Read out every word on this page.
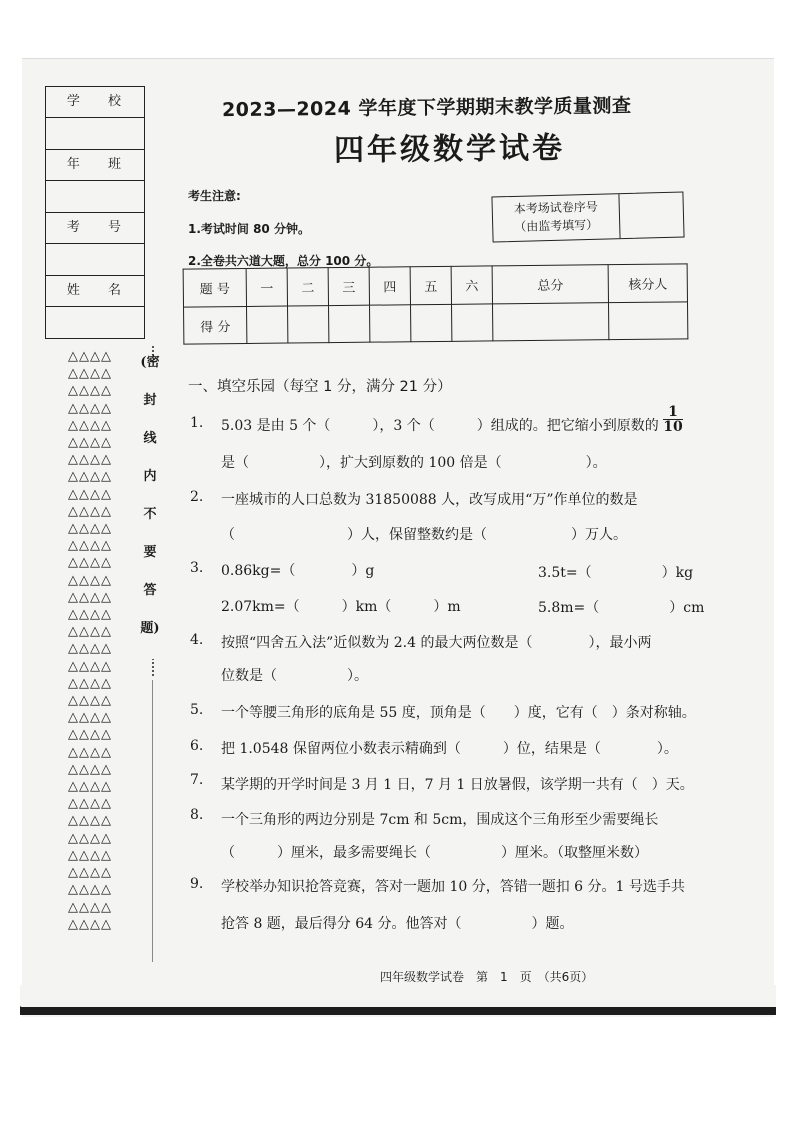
学 校
年 班
考 号
姓 名
△△△△
△△△△
△△△△
△△△△
△△△△
△△△△
△△△△
△△△△
△△△△
△△△△
△△△△
△△△△
△△△△
△△△△
△△△△
△△△△
△△△△
△△△△
△△△△
△△△△
△△△△
△△△△
△△△△
△△△△
△△△△
△△△△
△△△△
△△△△
△△△△
△△△△
△△△△
△△△△
△△△△
△△△△
(密
封
线
内
不
要
答
题)
2023—2024 学年度下学期期末教学质量测查
四年级数学试卷
考生注意:
1.考试时间 80 分钟。
2.全卷共六道大题，总分 100 分。
本考场试卷序号
（由监考填写）
题 号	一	二	三	四	五	六	总分	核分人
得 分								
一、填空乐园（每空 1 分，满分 21 分）
1. 5.03 是由 5 个（　　　），3 个（　　　）组成的。把它缩小到原数的 $\frac{1}{10}$
是（　　　　　），扩大到原数的 100 倍是（　　　　　　）。
2. 一座城市的人口总数为 31850088 人，改写成用“万”作单位的数是
（　　　　　　　　）人，保留整数约是（　　　　　　）万人。
3. 0.86kg=（　　　　）g	3.5t=（　　　　　）kg
2.07km=（　　　）km（　　　）m	5.8m=（　　　　　）cm
4. 按照“四舍五入法”近似数为 2.4 的最大两位数是（　　　　），最小两
位数是（　　　　　）。
5. 一个等腰三角形的底角是 55 度，顶角是（　　）度，它有（　）条对称轴。
6. 把 1.0548 保留两位小数表示精确到（　　　）位，结果是（　　　　）。
7. 某学期的开学时间是 3 月 1 日，7 月 1 日放暑假，该学期一共有（　）天。
8. 一个三角形的两边分别是 7cm 和 5cm，围成这个三角形至少需要绳长
（　　　）厘米，最多需要绳长（　　　　　）厘米。（取整厘米数）
9. 学校举办知识抢答竞赛，答对一题加 10 分，答错一题扣 6 分。1 号选手共
抢答 8 题，最后得分 64 分。他答对（　　　　　）题。
四年级数学试卷　第　1　页　（共6页）
